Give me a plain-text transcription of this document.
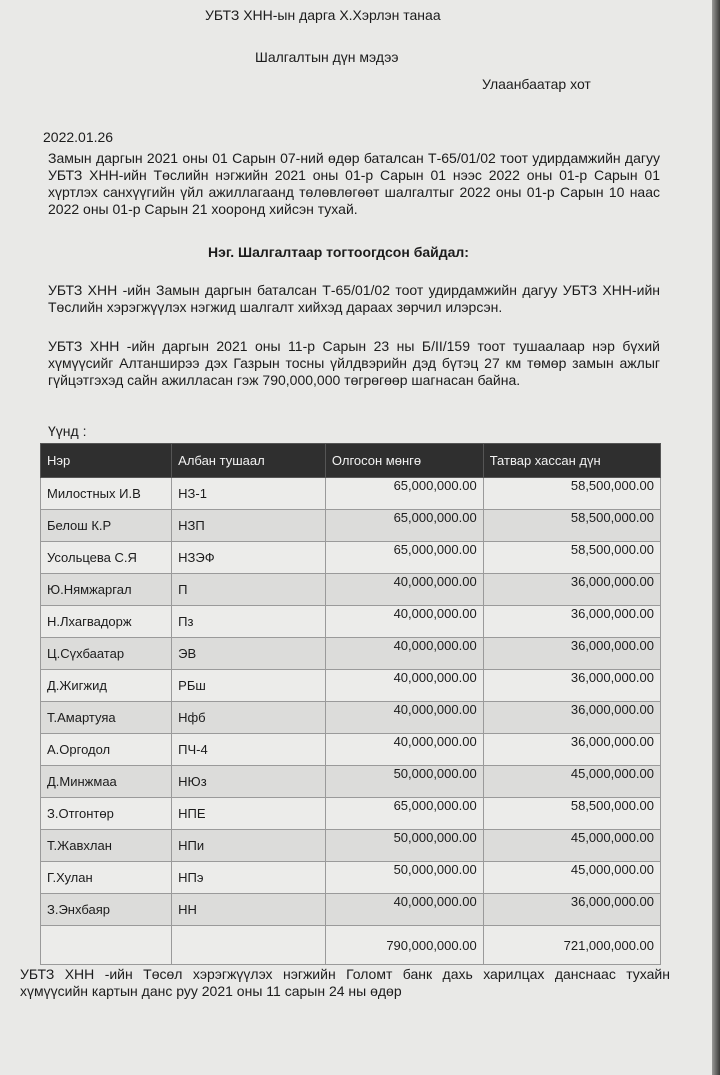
УБТЗ ХНН-ын дарга Х.Хэрлэн танаа
Шалгалтын дүн мэдээ
Улаанбаатар хот
2022.01.26
Замын даргын 2021 оны 01 Сарын 07-ний өдөр баталсан Т-65/01/02 тоот удирдамжийн дагуу УБТЗ ХНН-ийн Төслийн нэгжийн 2021 оны 01-р Сарын 01 нээс 2022 оны 01-р Сарын 01 хүртлэх санхүүгийн үйл ажиллагаанд төлөвлөгөөт шалгалтыг 2022 оны 01-р Сарын 10 наас 2022 оны 01-р Сарын 21 хооронд хийсэн тухай.
Нэг. Шалгалтаар тогтоогдсон байдал:
УБТЗ ХНН -ийн Замын даргын баталсан Т-65/01/02 тоот удирдамжийн дагуу УБТЗ ХНН-ийн Төслийн хэрэгжүүлэх нэгжид шалгалт хийхэд дараах зөрчил илэрсэн.
УБТЗ ХНН -ийн даргын 2021 оны 11-р Сарын 23 ны Б/II/159 тоот тушаалаар нэр бүхий хүмүүсийг Алтанширээ дэх Газрын тосны үйлдвэрийн дэд бүтэц 27 км төмөр замын ажлыг гүйцэтгэхэд сайн ажилласан гэж 790,000,000 төгрөгөөр шагнасан байна.
Үүнд :
Нэр	Албан тушаал	Олгосон мөнгө	Татвар хассан дүн
Милостных И.В	НЗ-1	65,000,000.00	58,500,000.00
Белош К.Р	НЗП	65,000,000.00	58,500,000.00
Усольцева С.Я	НЗЭФ	65,000,000.00	58,500,000.00
Ю.Нямжаргал	П	40,000,000.00	36,000,000.00
Н.Лхагвадорж	Пз	40,000,000.00	36,000,000.00
Ц.Сүхбаатар	ЭВ	40,000,000.00	36,000,000.00
Д.Жигжид	РБш	40,000,000.00	36,000,000.00
Т.Амартуяа	Нфб	40,000,000.00	36,000,000.00
А.Оргодол	ПЧ-4	40,000,000.00	36,000,000.00
Д.Минжмаа	НЮз	50,000,000.00	45,000,000.00
З.Отгонтөр	НПЕ	65,000,000.00	58,500,000.00
Т.Жавхлан	НПи	50,000,000.00	45,000,000.00
Г.Хулан	НПэ	50,000,000.00	45,000,000.00
З.Энхбаяр	НН	40,000,000.00	36,000,000.00
		790,000,000.00	721,000,000.00
УБТЗ ХНН -ийн Төсөл хэрэгжүүлэх нэгжийн Голомт банк дахь харилцах данснаас тухайн хүмүүсийн картын данс руу 2021 оны 11 сарын 24 ны өдөр
